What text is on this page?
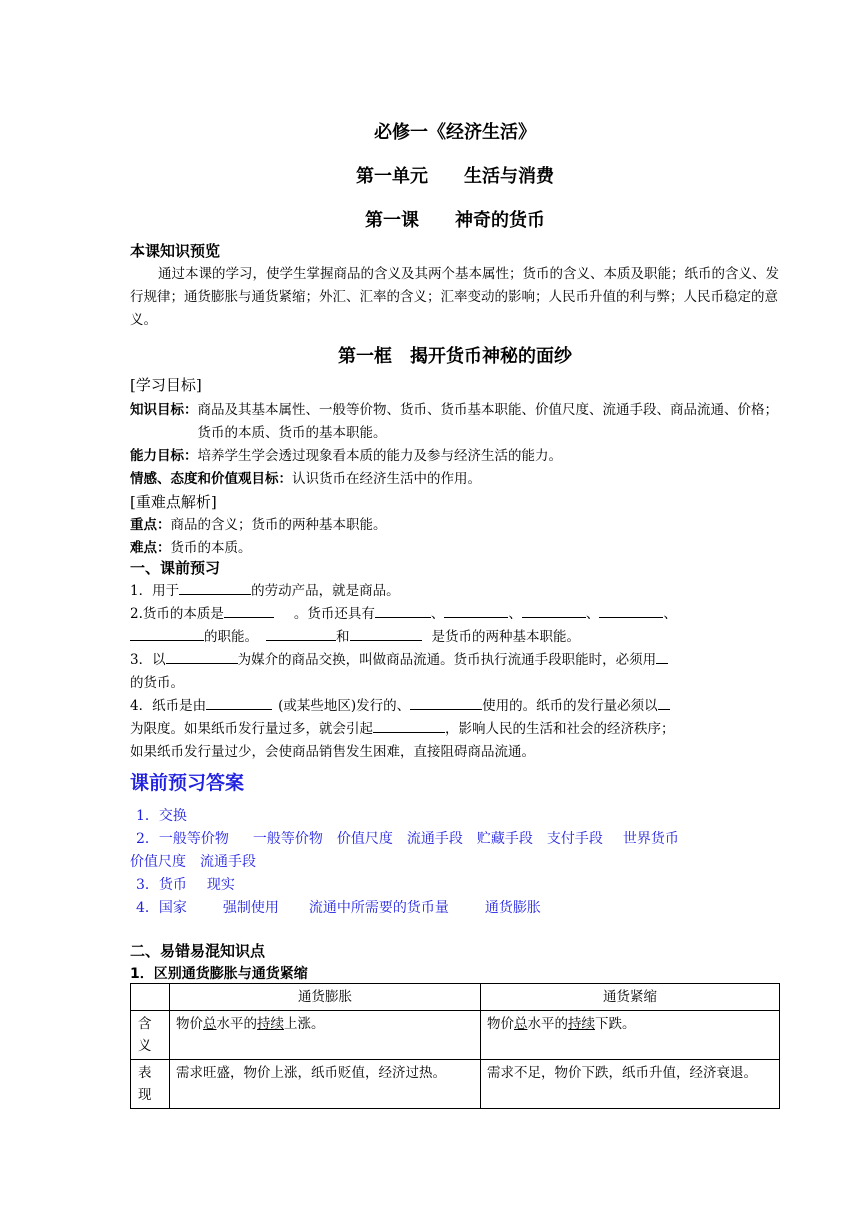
必修一《经济生活》
第一单元　　生活与消费
第一课　　神奇的货币
本课知识预览
通过本课的学习，使学生掌握商品的含义及其两个基本属性；货币的含义、本质及职能；纸币的含义、发行规律；通货膨胀与通货紧缩；外汇、汇率的含义；汇率变动的影响；人民币升值的利与弊；人民币稳定的意义。
第一框　揭开货币神秘的面纱
[学习目标]
知识目标： 商品及其基本属性、一般等价物、货币、货币基本职能、价值尺度、流通手段、商品流通、价格；货币的本质、货币的基本职能。
能力目标：培养学生学会透过现象看本质的能力及参与经济生活的能力。
情感、态度和价值观目标：认识货币在经济生活中的作用。
[重难点解析]
重点：商品的含义；货币的两种基本职能。
难点：货币的本质。
一、课前预习
1．用于	的劳动产品，就是商品。
2.货币的本质是	。货币还具有	、	、	、	、
的职能。	和	是货币的两种基本职能。
3．以	为媒介的商品交换，叫做商品流通。货币执行流通手段职能时，必须用
的货币。
4．纸币是由	(或某些地区)发行的、	使用的。纸币的发行量必须以
为限度。如果纸币发行量过多，就会引起	，影响人民的生活和社会的经济秩序；
如果纸币发行量过少，会使商品销售发生困难，直接阻碍商品流通。
课前预习答案
1．交换
2．一般等价物 一般等价物 价值尺度 流通手段 贮藏手段 支付手段 世界货币
价值尺度 流通手段
3．货币 现实
4．国家	强制使用 流通中所需要的货币量	通货膨胀
二、易错易混知识点
1．区别通货膨胀与通货紧缩
	通货膨胀	通货紧缩
含义	物价总水平的持续上涨。	物价总水平的持续下跌。
表现	需求旺盛，物价上涨，纸币贬值，经济过热。	需求不足，物价下跌，纸币升值，经济衰退。
